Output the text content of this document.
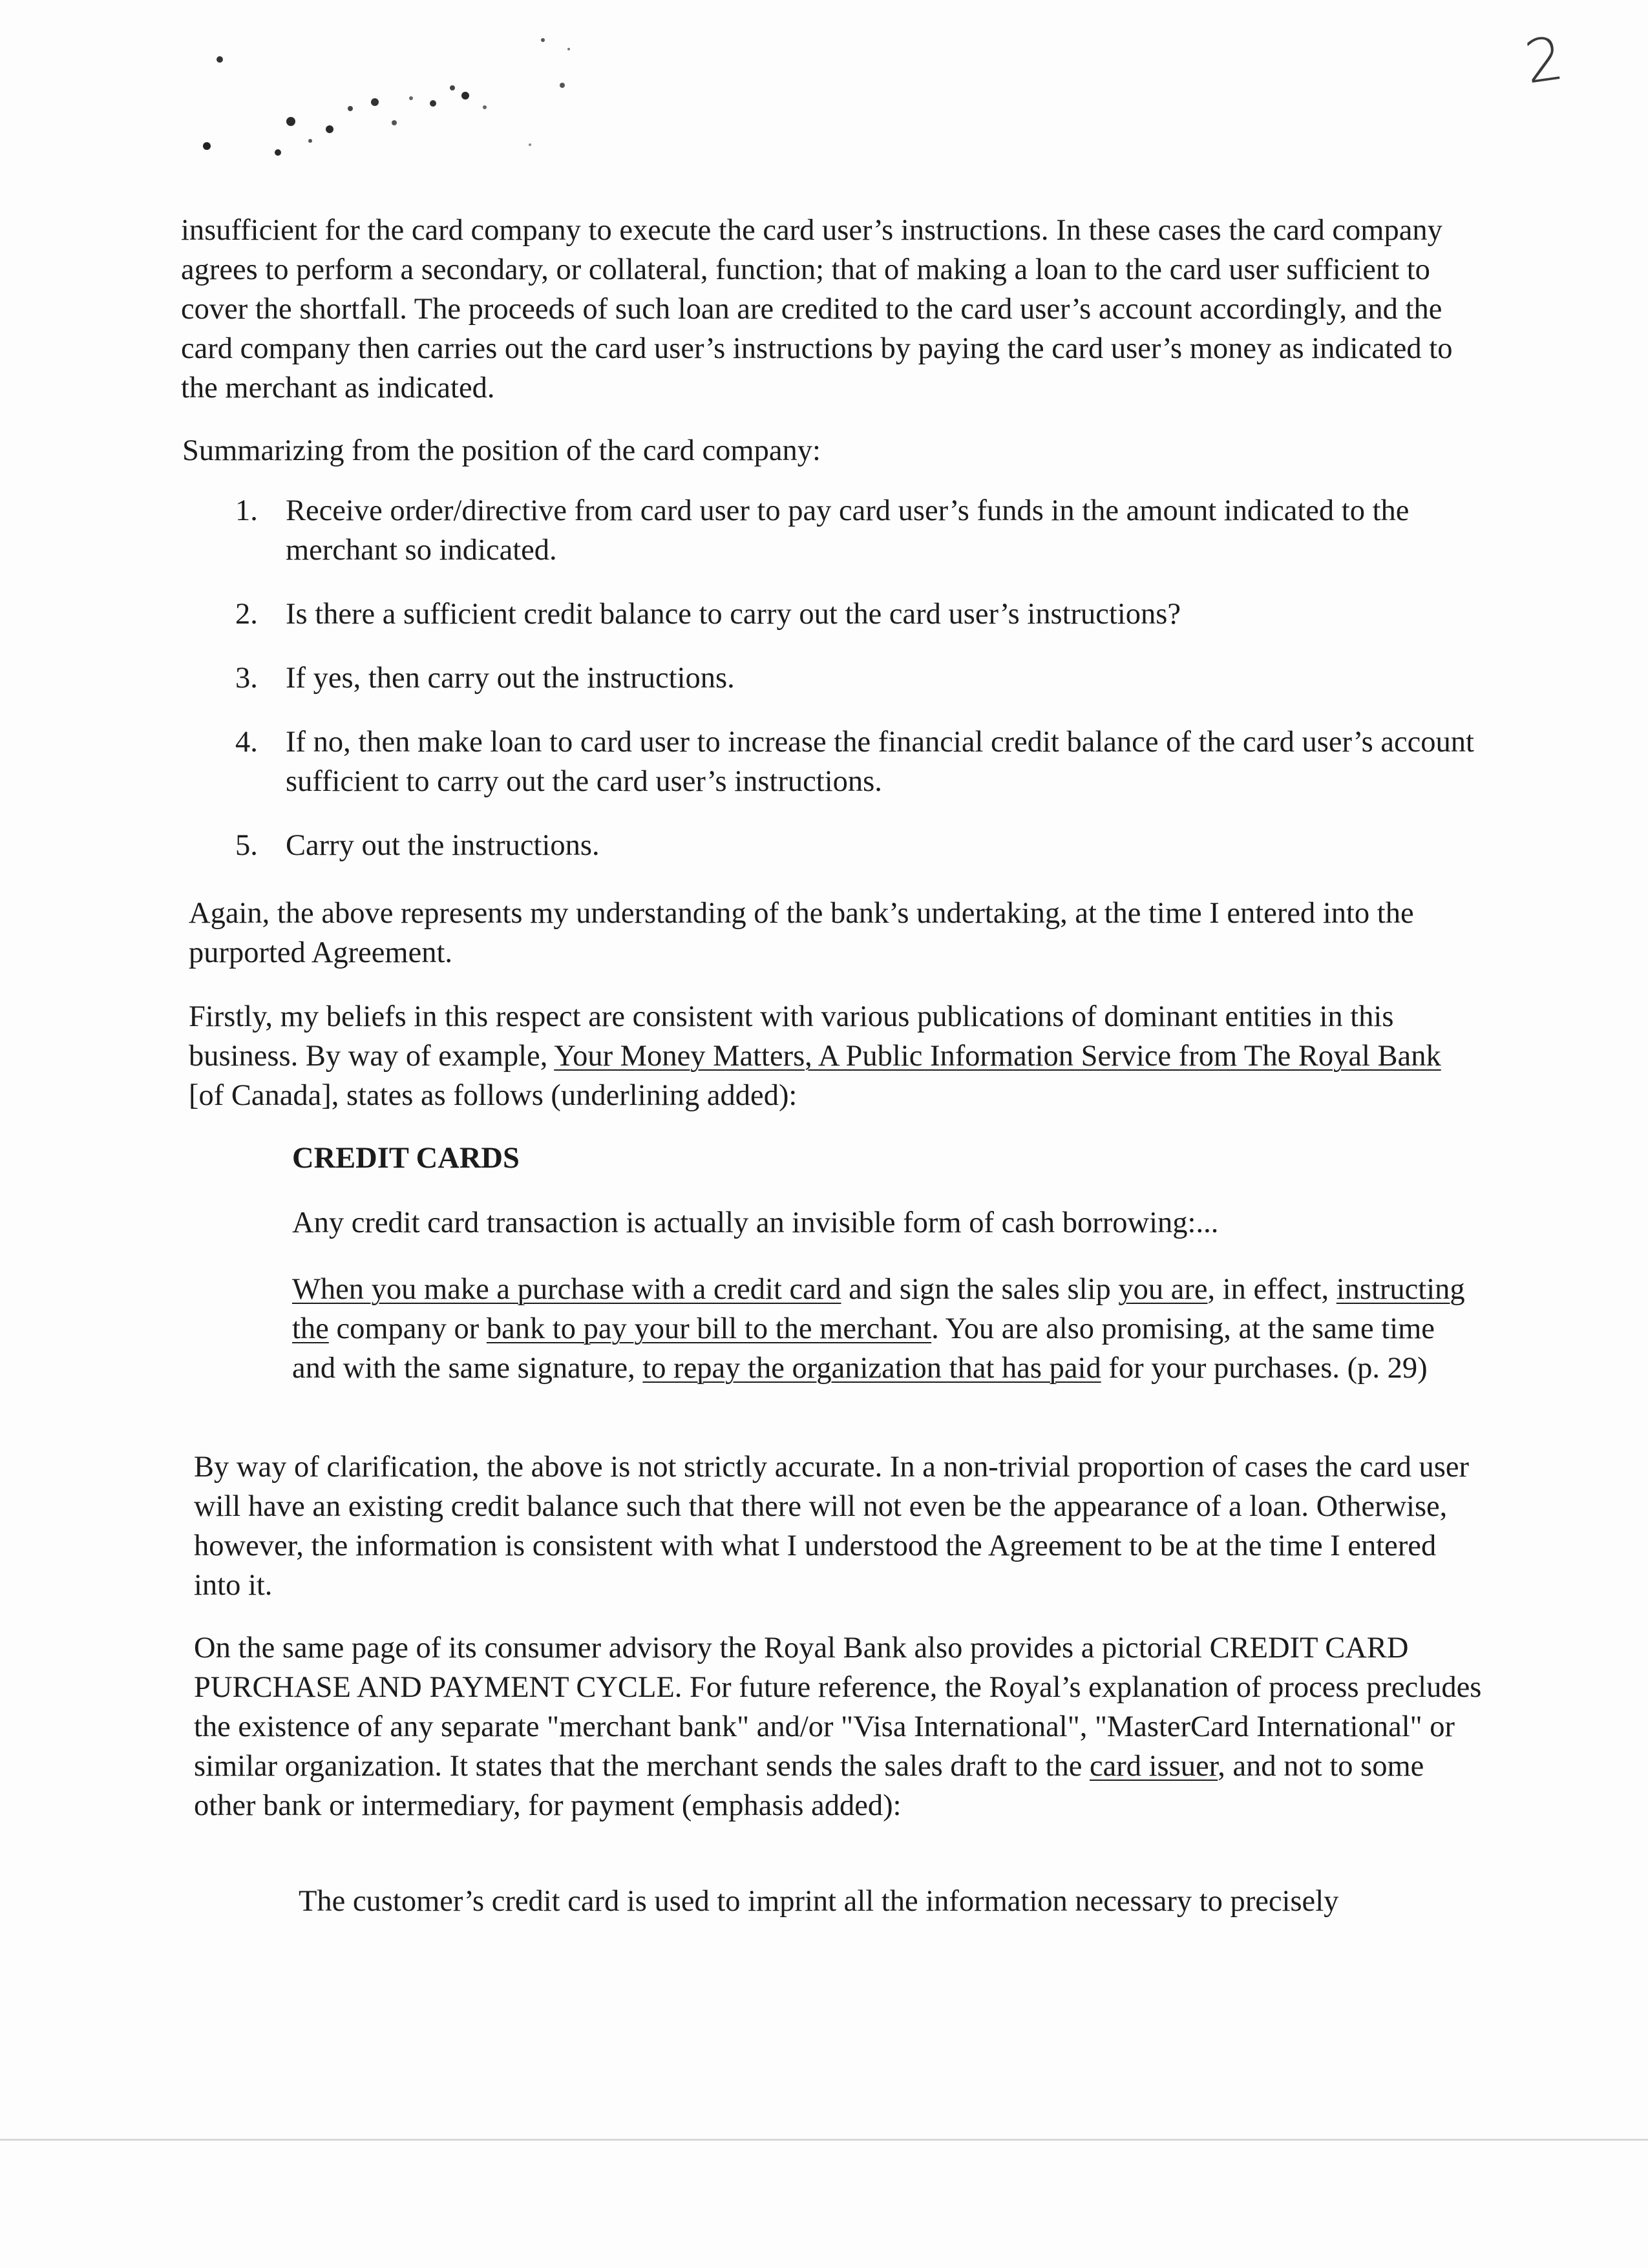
2
insufficient for the card company to execute the card user’s instructions. In these cases the card company agrees to perform a secondary, or collateral, function; that of making a loan to the card user sufficient to cover the shortfall. The proceeds of such loan are credited to the card user’s account accordingly, and the card company then carries out the card user’s instructions by paying the card user’s money as indicated to the merchant as indicated.
Summarizing from the position of the card company:
1. Receive order/directive from card user to pay card user’s funds in the amount indicated to the merchant so indicated.
2. Is there a sufficient credit balance to carry out the card user’s instructions?
3. If yes, then carry out the instructions.
4. If no, then make loan to card user to increase the financial credit balance of the card user’s account sufficient to carry out the card user’s instructions.
5. Carry out the instructions.
Again, the above represents my understanding of the bank’s undertaking, at the time I entered into the purported Agreement.
Firstly, my beliefs in this respect are consistent with various publications of dominant entities in this business. By way of example, Your Money Matters, A Public Information Service from The Royal Bank [of Canada], states as follows (underlining added):
CREDIT CARDS
Any credit card transaction is actually an invisible form of cash borrowing:...
When you make a purchase with a credit card and sign the sales slip you are, in effect, instructing the company or bank to pay your bill to the merchant. You are also promising, at the same time and with the same signature, to repay the organization that has paid for your purchases. (p. 29)
By way of clarification, the above is not strictly accurate. In a non-trivial proportion of cases the card user will have an existing credit balance such that there will not even be the appearance of a loan. Otherwise, however, the information is consistent with what I understood the Agreement to be at the time I entered into it.
On the same page of its consumer advisory the Royal Bank also provides a pictorial CREDIT CARD PURCHASE AND PAYMENT CYCLE. For future reference, the Royal’s explanation of process precludes the existence of any separate "merchant bank" and/or "Visa International", "MasterCard International" or similar organization. It states that the merchant sends the sales draft to the card issuer, and not to some other bank or intermediary, for payment (emphasis added):
The customer’s credit card is used to imprint all the information necessary to precisely
